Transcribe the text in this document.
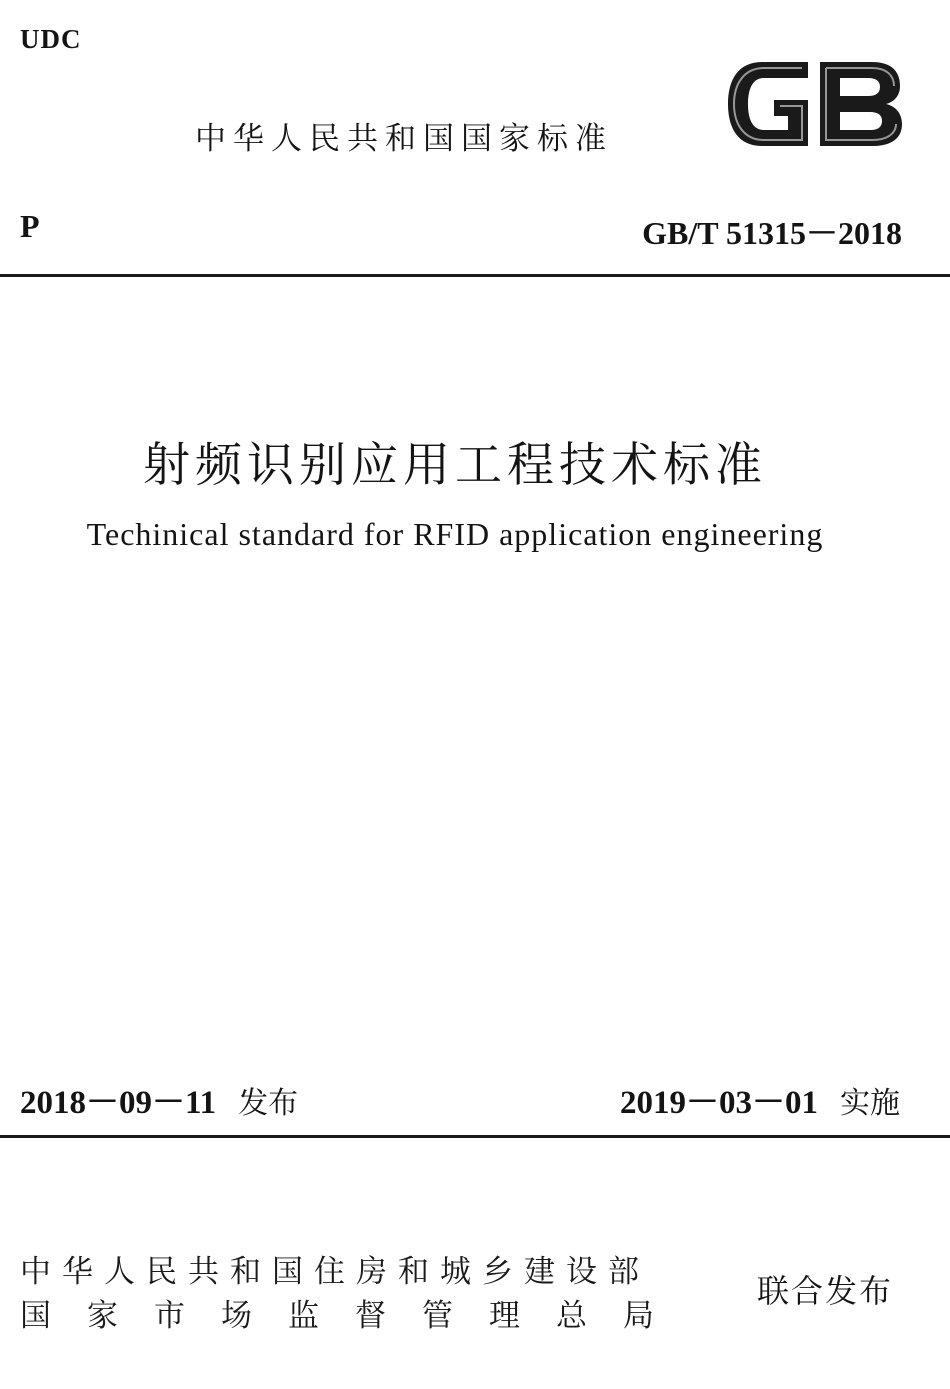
UDC
中华人民共和国国家标准
P	GB/T 51315－2018
射频识别应用工程技术标准
Techinical standard for RFID application engineering
2018－09－11 发布	2019－03－01 实施
中华人民共和国住房和城乡建设部
国家市场监督管理总局
联合发布
